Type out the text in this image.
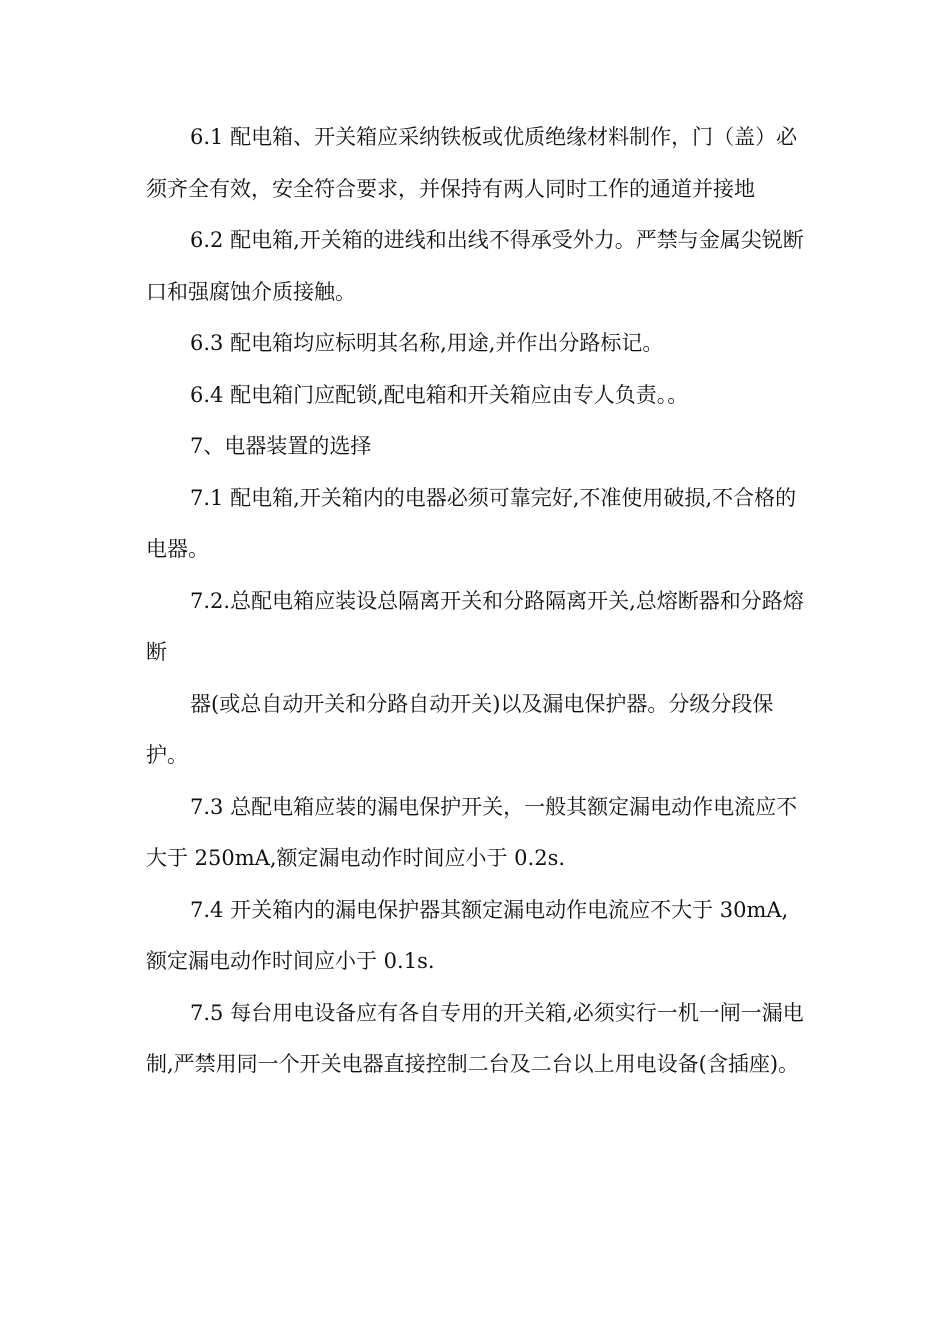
6.1 配电箱、开关箱应采纳铁板或优质绝缘材料制作，门（盖）必须齐全有效，安全符合要求，并保持有两人同时工作的通道并接地

6.2 配电箱,开关箱的进线和出线不得承受外力。严禁与金属尖锐断口和强腐蚀介质接触。

6.3 配电箱均应标明其名称,用途,并作出分路标记。

6.4 配电箱门应配锁,配电箱和开关箱应由专人负责。。

7、电器装置的选择

7.1 配电箱,开关箱内的电器必须可靠完好,不准使用破损,不合格的电器。

7.2.总配电箱应装设总隔离开关和分路隔离开关,总熔断器和分路熔断

器(或总自动开关和分路自动开关)以及漏电保护器。分级分段保护。

7.3 总配电箱应装的漏电保护开关，一般其额定漏电动作电流应不大于 250mA,额定漏电动作时间应小于 0.2s.

7.4 开关箱内的漏电保护器其额定漏电动作电流应不大于 30mA,额定漏电动作时间应小于 0.1s.

7.5 每台用电设备应有各自专用的开关箱,必须实行一机一闸一漏电制,严禁用同一个开关电器直接控制二台及二台以上用电设备(含插座)。
